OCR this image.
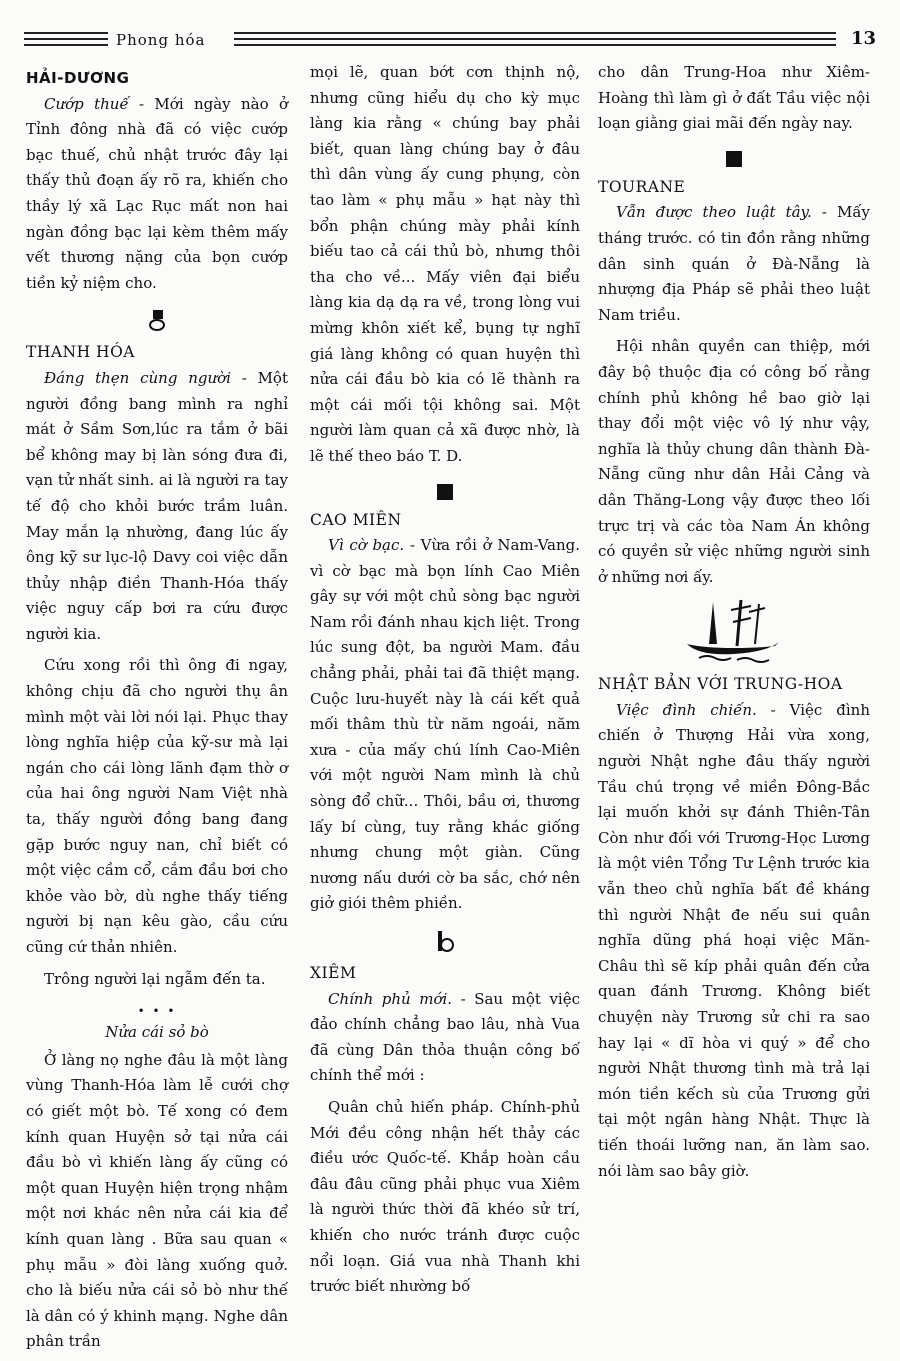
Phong hóa	13
HẢI-DƯƠNG

Cướp thuế - Mới ngày nào ở Tỉnh đông nhà đã có việc cướp bạc thuế, chủ nhật trước đây lại thấy thủ đoạn ấy rõ ra, khiến cho thầy lý xã Lạc Rục mất non hai ngàn đồng bạc lại kèm thêm mấy vết thương nặng của bọn cướp tiền kỷ niệm cho.

THANH HÓA

Đáng thẹn cùng người - Một người đồng bang mình ra nghỉ mát ở Sầm Sơn,lúc ra tắm ở bãi bể không may bị làn sóng đưa đi, vạn tử nhất sinh. ai là người ra tay tế độ cho khỏi bước trầm luân. May mắn lạ nhường, đang lúc ấy ông kỹ sư lục-lộ Davy coi việc dẫn thủy nhập điền Thanh-Hóa thấy việc nguy cấp bơi ra cứu được người kia.

Cứu xong rồi thì ông đi ngay, không chịu đã cho người thụ ân mình một vài lời nói lại. Phục thay lòng nghĩa hiệp của kỹ-sư mà lại ngán cho cái lòng lãnh đạm thờ ơ của hai ông người Nam Việt nhà ta, thấy người đồng bang đang gặp bước nguy nan, chỉ biết có một việc cầm cổ, cắm đầu bơi cho khỏe vào bờ, dù nghe thấy tiếng người bị nạn kêu gào, cầu cứu cũng cứ thản nhiên.

Trông người lại ngẫm đến ta.

• • •
Nửa cái sỏ bò

Ở làng nọ nghe đâu là một làng vùng Thanh-Hóa làm lễ cưới chợ có giết một bò. Tế xong có đem kính quan Huyện sở tại nửa cái đầu bò vì khiến làng ấy cũng có một quan Huyện hiện trọng nhậm một nơi khác nên nửa cái kia để kính quan làng . Bữa sau quan « phụ mẫu » đòi làng xuống quở. cho là biếu nửa cái sỏ bò như thế là dân có ý khinh mạng. Nghe dân phân trần

mọi lẽ, quan bớt cơn thịnh nộ, nhưng cũng hiểu dụ cho kỳ mục làng kia rằng « chúng bay phải biết, quan làng chúng bay ở đâu thì dân vùng ấy cung phụng, còn tao làm « phụ mẫu » hạt này thì bổn phận chúng mày phải kính biếu tao cả cái thủ bò, nhưng thôi tha cho về... Mấy viên đại biểu làng kia dạ dạ ra về, trong lòng vui mừng khôn xiết kể, bụng tự nghĩ giá làng không có quan huyện thì nửa cái đầu bò kia có lẽ thành ra một cái mối tội không sai. Một người làm quan cả xã được nhờ, là lẽ thế theo báo T. D.

CAO MIÊN

Vì cờ bạc. - Vừa rồi ở Nam-Vang. vì cờ bạc mà bọn lính Cao Miên gây sự với một chủ sòng bạc người Nam rồi đánh nhau kịch liệt. Trong lúc sung đột, ba người Mam. đầu chẳng phải, phải tai đã thiệt mạng. Cuộc lưu-huyết này là cái kết quả mối thâm thù từ năm ngoái, năm xưa - của mấy chú lính Cao-Miên với một người Nam mình là chủ sòng đổ chữ... Thôi, bầu ơi, thương lấy bí cùng, tuy rằng khác giống nhưng chung một giàn. Cũng nương nấu dưới cờ ba sắc, chớ nên giở giói thêm phiền.

XIÊM

Chính phủ mới. - Sau một việc đảo chính chẳng bao lâu, nhà Vua đã cùng Dân thỏa thuận công bố chính thể mới :

Quân chủ hiến pháp. Chính-phủ Mới đều công nhận hết thảy các điều ước Quốc-tế. Khắp hoàn cầu đâu đâu cũng phải phục vua Xiêm là người thức thời đã khéo sử trí, khiến cho nước tránh được cuộc nổi loạn. Giá vua nhà Thanh khi trước biết nhường bố

cho dân Trung-Hoa như Xiêm-Hoàng thì làm gì ở đất Tầu việc nội loạn giằng giai mãi đến ngày nay.

TOURANE

Vẫn được theo luật tây. - Mấy tháng trước. có tin đồn rằng những dân sinh quán ở Đà-Nẵng là nhượng địa Pháp sẽ phải theo luật Nam triều.

Hội nhân quyền can thiệp, mới đây bộ thuộc địa có công bố rằng chính phủ không hề bao giờ lại thay đổi một việc vô lý như vậy, nghĩa là thủy chung dân thành Đà-Nẵng cũng như dân Hải Cảng và dân Thăng-Long vậy được theo lối trực trị và các tòa Nam Án không có quyền sử việc những người sinh ở những nơi ấy.

NHẬT BẢN VỚI TRUNG-HOA

Việc đình chiến. - Việc đình chiến ở Thượng Hải vừa xong, người Nhật nghe đâu thấy người Tầu chú trọng về miền Đông-Bắc lại muốn khởi sự đánh Thiên-Tân Còn như đối với Trương-Học Lương là một viên Tổng Tư Lệnh trước kia vẫn theo chủ nghĩa bất đề kháng thì người Nhật đe nếu sui quân nghĩa dũng phá hoại việc Mãn-Châu thì sẽ kíp phải quân đến cửa quan đánh Trương. Không biết chuyện này Trương sử chi ra sao hay lại « dĩ hòa vi quý » để cho người Nhật thương tình mà trả lại món tiền kếch sù của Trương gửi tại một ngân hàng Nhật. Thực là tiến thoái lưỡng nan, ăn làm sao. nói làm sao bây giờ.
